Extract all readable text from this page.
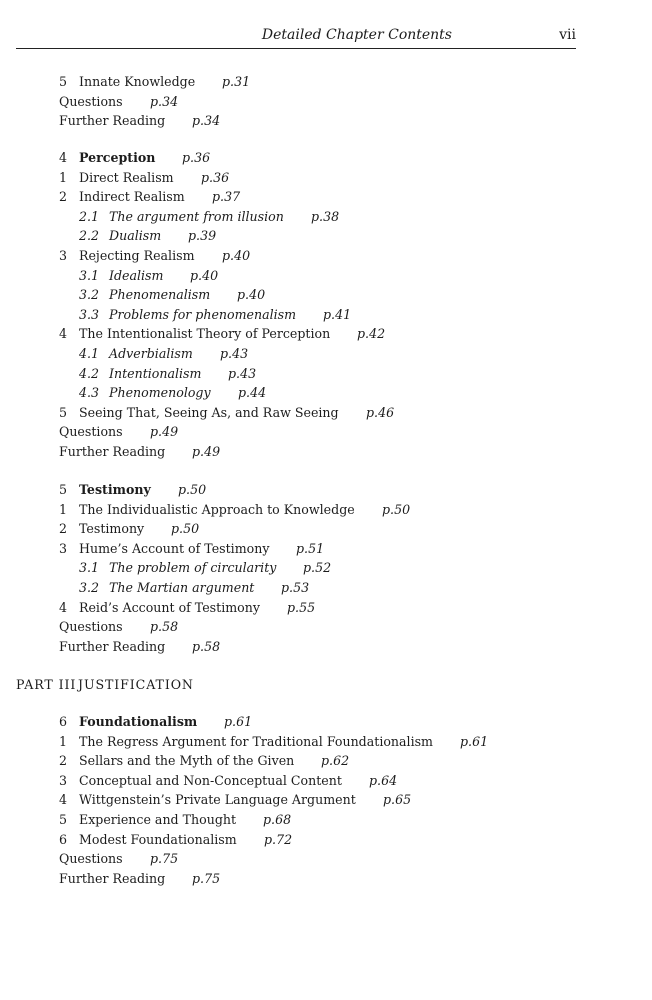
Detailed Chapter Contents	vii
5 Innate Knowledge p.31
Questions p.34
Further Reading p.34
4 Perception p.36
1 Direct Realism p.36
2 Indirect Realism p.37
2.1 The argument from illusion p.38
2.2 Dualism p.39
3 Rejecting Realism p.40
3.1 Idealism p.40
3.2 Phenomenalism p.40
3.3 Problems for phenomenalism p.41
4 The Intentionalist Theory of Perception p.42
4.1 Adverbialism p.43
4.2 Intentionalism p.43
4.3 Phenomenology p.44
5 Seeing That, Seeing As, and Raw Seeing p.46
Questions p.49
Further Reading p.49
5 Testimony p.50
1 The Individualistic Approach to Knowledge p.50
2 Testimony p.50
3 Hume’s Account of Testimony p.51
3.1 The problem of circularity p.52
3.2 The Martian argument p.53
4 Reid’s Account of Testimony p.55
Questions p.58
Further Reading p.58
6 Foundationalism p.61
1 The Regress Argument for Traditional Foundationalism p.61
2 Sellars and the Myth of the Given p.62
3 Conceptual and Non-Conceptual Content p.64
4 Wittgenstein’s Private Language Argument p.65
5 Experience and Thought p.68
6 Modest Foundationalism p.72
Questions p.75
Further Reading p.75
PART III JUSTIFICATION
